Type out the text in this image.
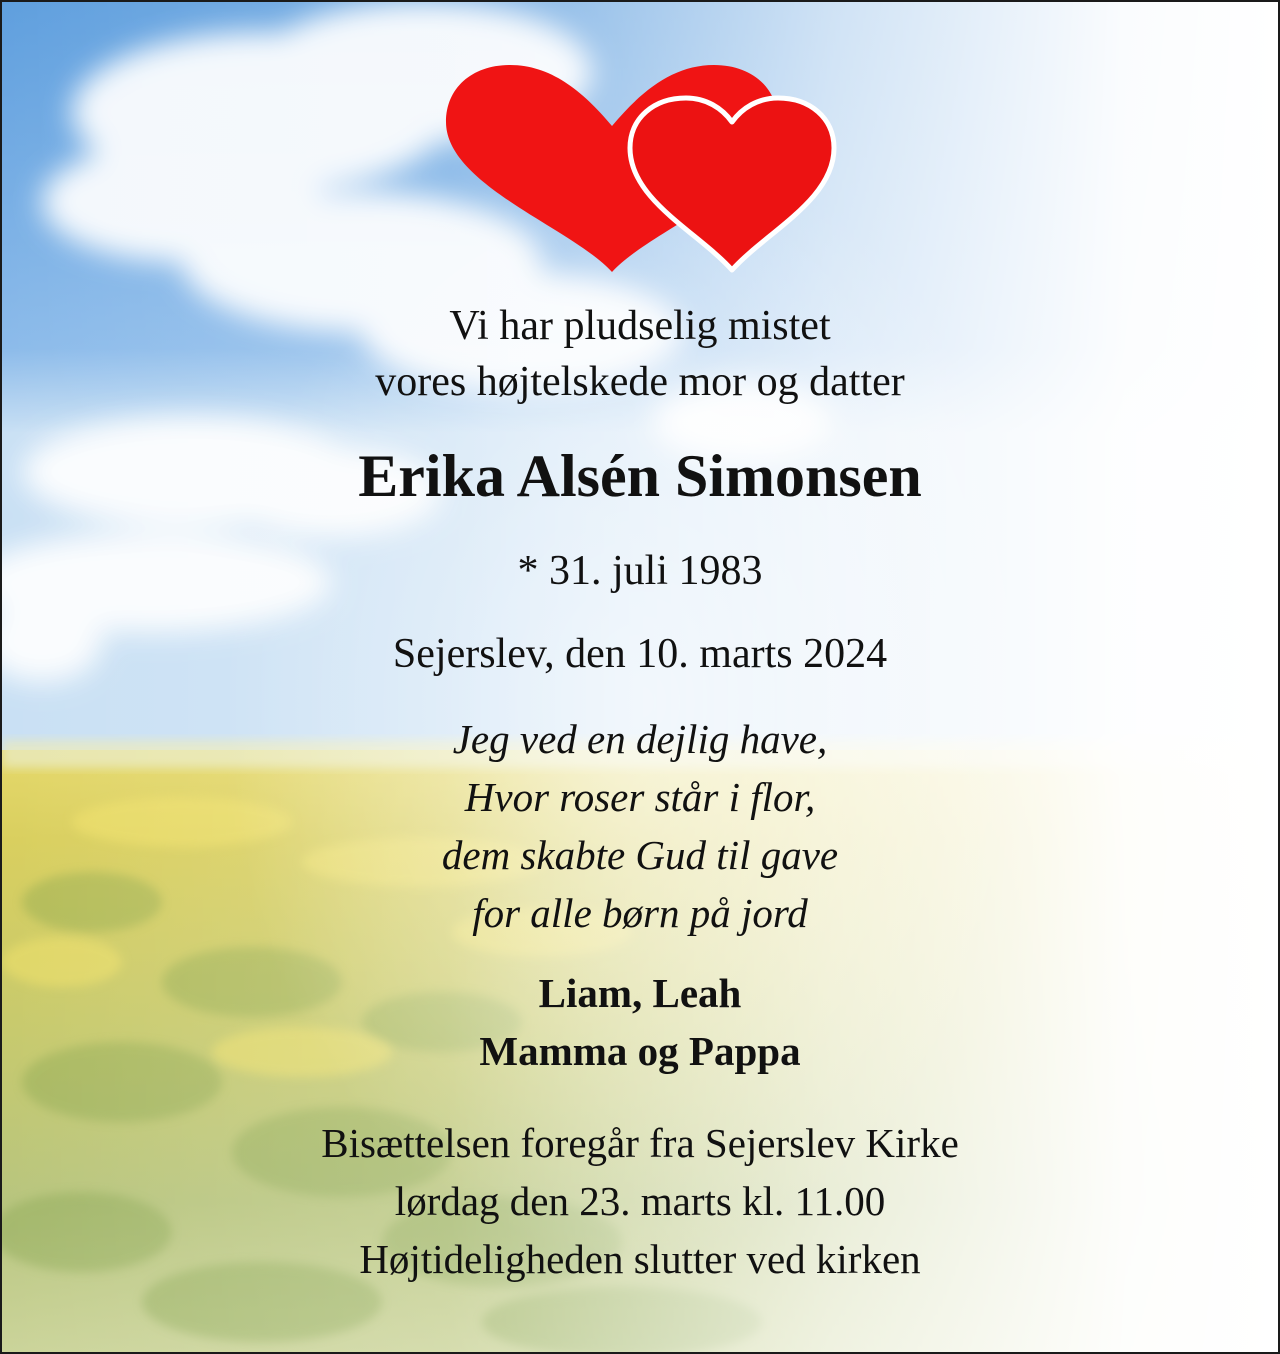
Vi har pludselig mistet
vores højtelskede mor og datter
Erika Alsén Simonsen
* 31. juli 1983
Sejerslev, den 10. marts 2024
Jeg ved en dejlig have,
Hvor roser står i flor,
dem skabte Gud til gave
for alle børn på jord
Liam, Leah
Mamma og Pappa
Bisættelsen foregår fra Sejerslev Kirke
lørdag den 23. marts kl. 11.00
Højtideligheden slutter ved kirken
